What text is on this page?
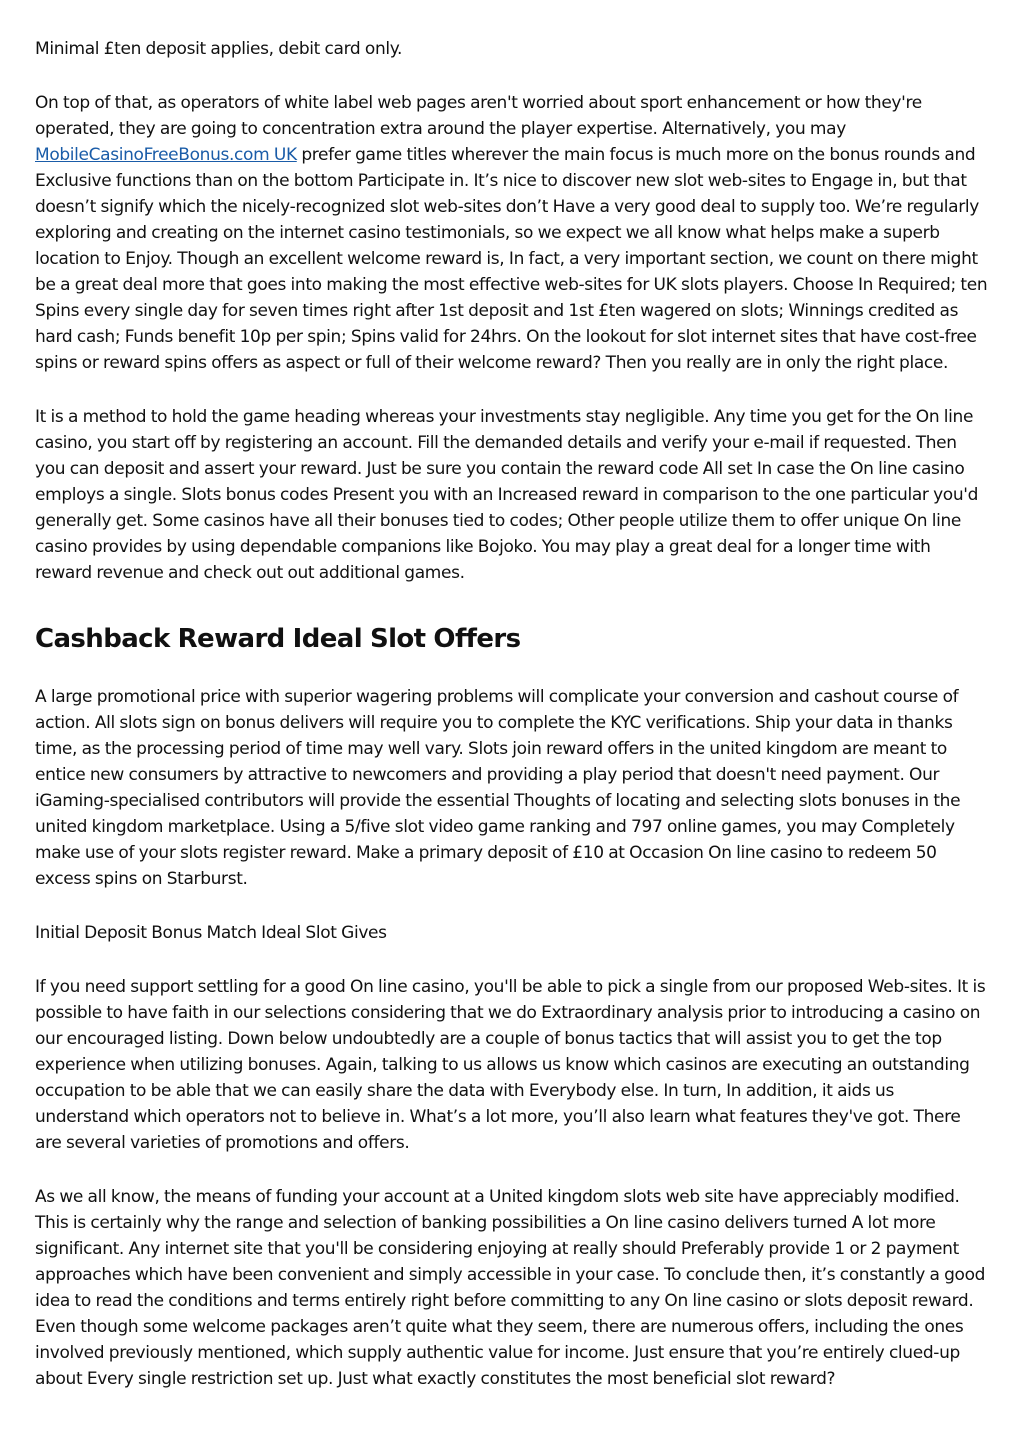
Minimal £ten deposit applies, debit card only.

On top of that, as operators of white label web pages aren't worried about sport enhancement or how they're operated, they are going to concentration extra around the player expertise. Alternatively, you may MobileCasinoFreeBonus.com UK prefer game titles wherever the main focus is much more on the bonus rounds and Exclusive functions than on the bottom Participate in. It’s nice to discover new slot web-sites to Engage in, but that doesn’t signify which the nicely-recognized slot web-sites don’t Have a very good deal to supply too. We’re regularly exploring and creating on the internet casino testimonials, so we expect we all know what helps make a superb location to Enjoy. Though an excellent welcome reward is, In fact, a very important section, we count on there might be a great deal more that goes into making the most effective web-sites for UK slots players. Choose In Required; ten Spins every single day for seven times right after 1st deposit and 1st £ten wagered on slots; Winnings credited as hard cash; Funds benefit 10p per spin; Spins valid for 24hrs. On the lookout for slot internet sites that have cost-free spins or reward spins offers as aspect or full of their welcome reward? Then you really are in only the right place.

It is a method to hold the game heading whereas your investments stay negligible. Any time you get for the On line casino, you start off by registering an account. Fill the demanded details and verify your e-mail if requested. Then you can deposit and assert your reward. Just be sure you contain the reward code All set In case the On line casino employs a single. Slots bonus codes Present you with an Increased reward in comparison to the one particular you'd generally get. Some casinos have all their bonuses tied to codes; Other people utilize them to offer unique On line casino provides by using dependable companions like Bojoko. You may play a great deal for a longer time with reward revenue and check out out additional games.

Cashback Reward Ideal Slot Offers

A large promotional price with superior wagering problems will complicate your conversion and cashout course of action. All slots sign on bonus delivers will require you to complete the KYC verifications. Ship your data in thanks time, as the processing period of time may well vary. Slots join reward offers in the united kingdom are meant to entice new consumers by attractive to newcomers and providing a play period that doesn't need payment. Our iGaming-specialised contributors will provide the essential Thoughts of locating and selecting slots bonuses in the united kingdom marketplace. Using a 5/five slot video game ranking and 797 online games, you may Completely make use of your slots register reward. Make a primary deposit of £10 at Occasion On line casino to redeem 50 excess spins on Starburst.

Initial Deposit Bonus Match Ideal Slot Gives

If you need support settling for a good On line casino, you'll be able to pick a single from our proposed Web-sites. It is possible to have faith in our selections considering that we do Extraordinary analysis prior to introducing a casino on our encouraged listing. Down below undoubtedly are a couple of bonus tactics that will assist you to get the top experience when utilizing bonuses. Again, talking to us allows us know which casinos are executing an outstanding occupation to be able that we can easily share the data with Everybody else. In turn, In addition, it aids us understand which operators not to believe in. What’s a lot more, you’ll also learn what features they've got. There are several varieties of promotions and offers.

As we all know, the means of funding your account at a United kingdom slots web site have appreciably modified. This is certainly why the range and selection of banking possibilities a On line casino delivers turned A lot more significant. Any internet site that you'll be considering enjoying at really should Preferably provide 1 or 2 payment approaches which have been convenient and simply accessible in your case. To conclude then, it’s constantly a good idea to read the conditions and terms entirely right before committing to any On line casino or slots deposit reward. Even though some welcome packages aren’t quite what they seem, there are numerous offers, including the ones involved previously mentioned, which supply authentic value for income. Just ensure that you’re entirely clued-up about Every single restriction set up. Just what exactly constitutes the most beneficial slot reward?
